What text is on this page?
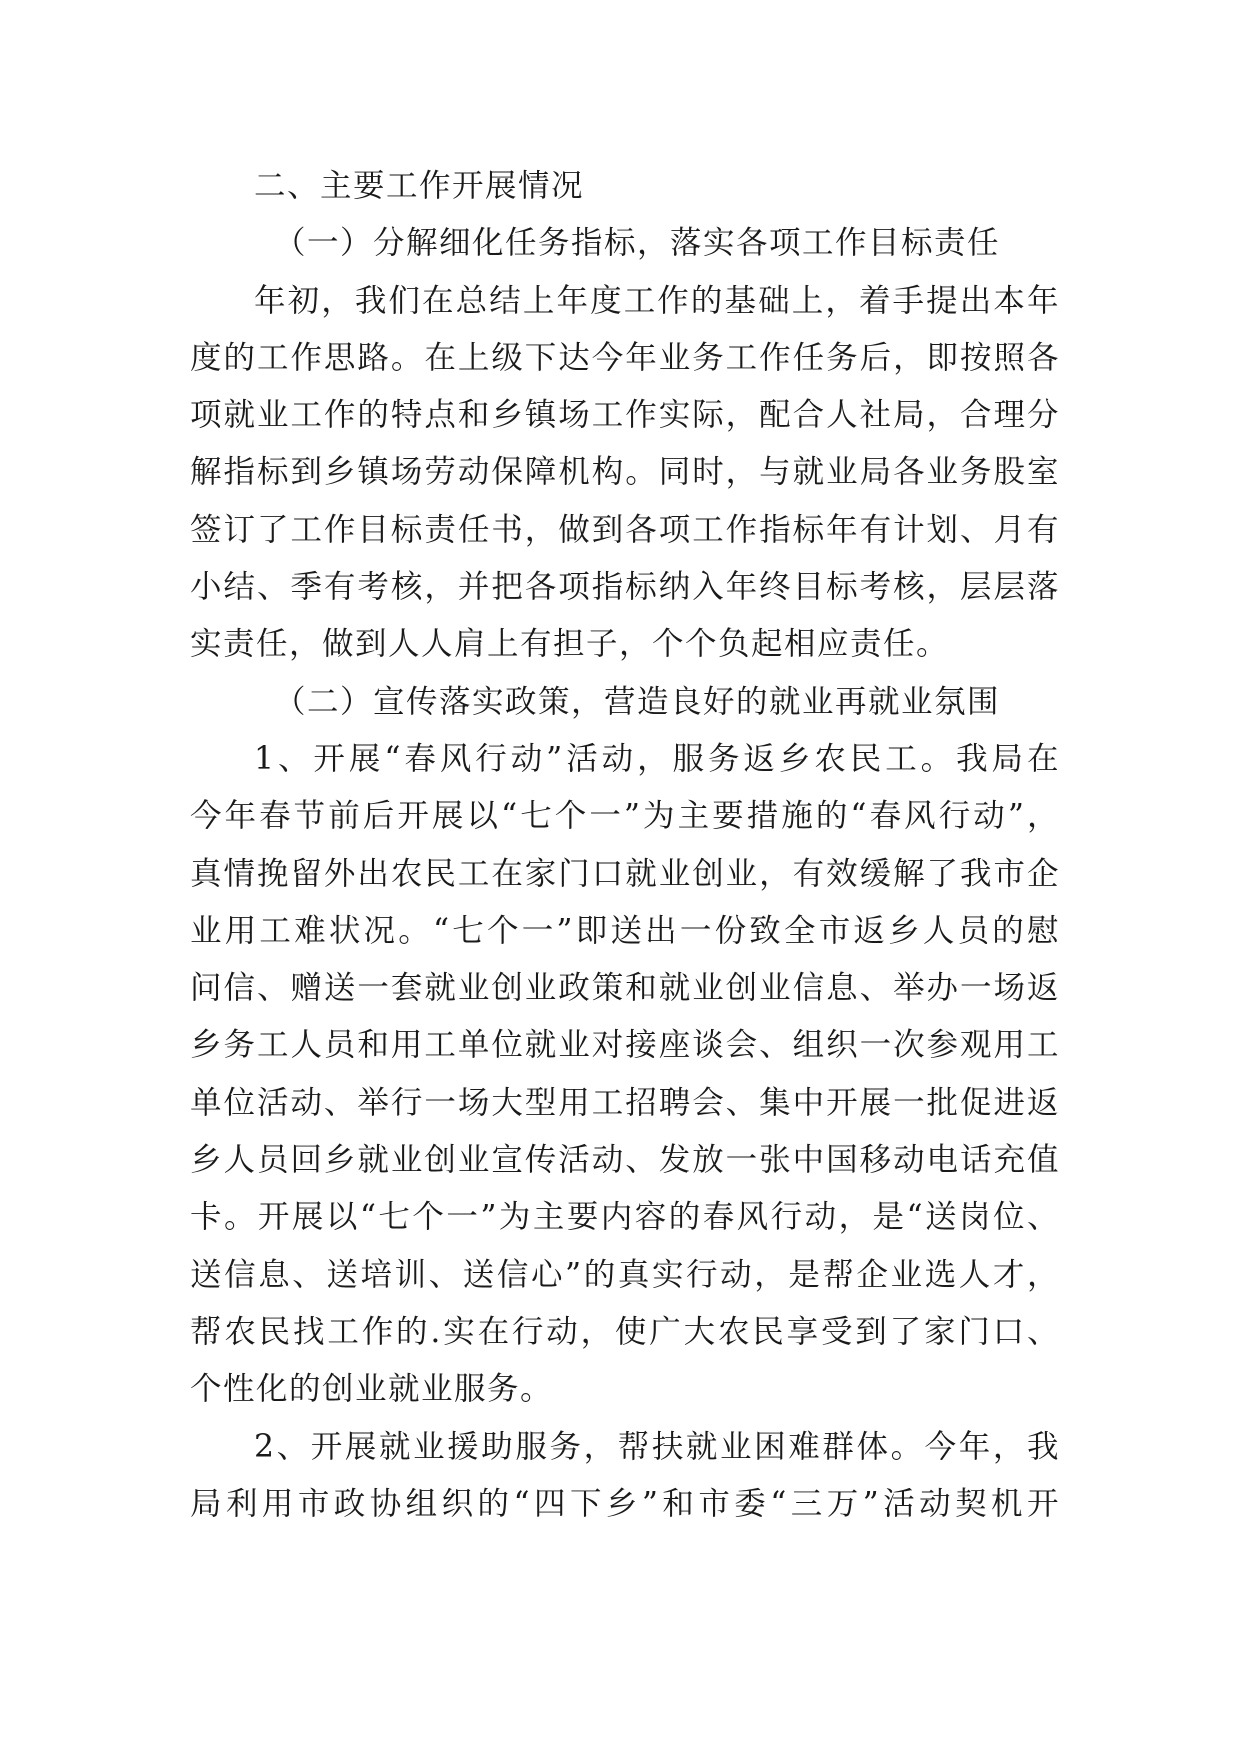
二、主要工作开展情况
（一）分解细化任务指标，落实各项工作目标责任
年初，我们在总结上年度工作的基础上，着手提出本年
度的工作思路。在上级下达今年业务工作任务后，即按照各
项就业工作的特点和乡镇场工作实际，配合人社局，合理分
解指标到乡镇场劳动保障机构。同时，与就业局各业务股室
签订了工作目标责任书，做到各项工作指标年有计划、月有
小结、季有考核，并把各项指标纳入年终目标考核，层层落
实责任，做到人人肩上有担子，个个负起相应责任。
（二）宣传落实政策，营造良好的就业再就业氛围
1、开展“春风行动”活动，服务返乡农民工。我局在
今年春节前后开展以“七个一”为主要措施的“春风行动”，
真情挽留外出农民工在家门口就业创业，有效缓解了我市企
业用工难状况。“七个一”即送出一份致全市返乡人员的慰
问信、赠送一套就业创业政策和就业创业信息、举办一场返
乡务工人员和用工单位就业对接座谈会、组织一次参观用工
单位活动、举行一场大型用工招聘会、集中开展一批促进返
乡人员回乡就业创业宣传活动、发放一张中国移动电话充值
卡。开展以“七个一”为主要内容的春风行动，是“送岗位、
送信息、送培训、送信心”的真实行动，是帮企业选人才，
帮农民找工作的.实在行动，使广大农民享受到了家门口、
个性化的创业就业服务。
2、开展就业援助服务，帮扶就业困难群体。今年，我
局利用市政协组织的“四下乡”和市委“三万”活动契机开
